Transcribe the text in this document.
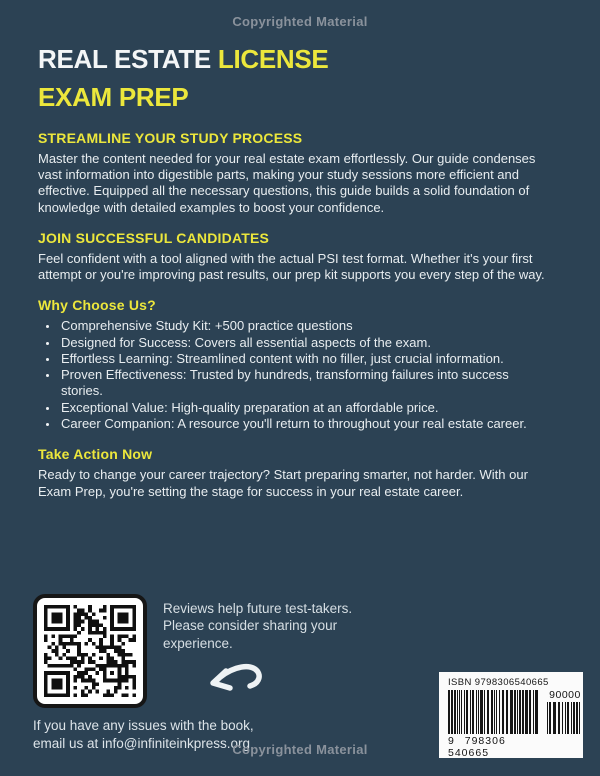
Copyrighted Material
REAL ESTATE LICENSE
EXAM PREP
STREAMLINE YOUR STUDY PROCESS

Master the content needed for your real estate exam effortlessly. Our guide condenses vast information into digestible parts, making your study sessions more efficient and effective. Equipped all the necessary questions, this guide builds a solid foundation of knowledge with detailed examples to boost your confidence.

JOIN SUCCESSFUL CANDIDATES

Feel confident with a tool aligned with the actual PSI test format. Whether it's your first attempt or you're improving past results, our prep kit supports you every step of the way.

Why Choose Us?
• Comprehensive Study Kit: +500 practice questions
• Designed for Success: Covers all essential aspects of the exam.
• Effortless Learning: Streamlined content with no filler, just crucial information.
• Proven Effectiveness: Trusted by hundreds, transforming failures into success stories.
• Exceptional Value: High-quality preparation at an affordable price.
• Career Companion: A resource you'll return to throughout your real estate career.
Take Action Now

Ready to change your career trajectory? Start preparing smarter, not harder. With our Exam Prep, you're setting the stage for success in your real estate career.

Reviews help future test-takers. Please consider sharing your experience.

ISBN 9798306540665
9 798306 540665
90000

If you have any issues with the book,
email us at info@infiniteinkpress.org

Copyrighted Material
